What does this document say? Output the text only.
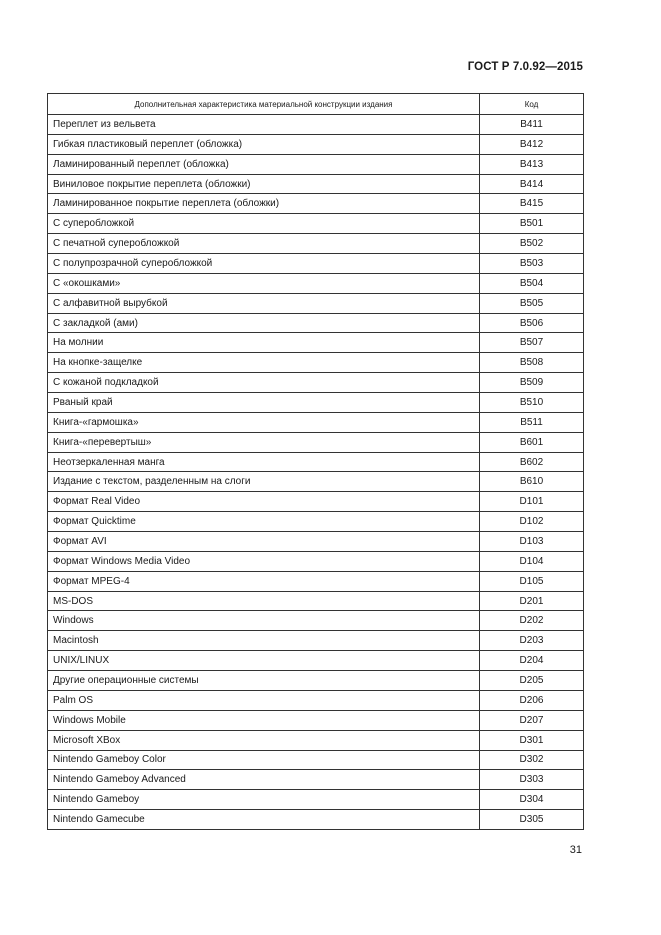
ГОСТ Р 7.0.92—2015
Дополнительная характеристика материальной конструкции издания	Код
Переплет из вельвета	B411
Гибкая пластиковый переплет (обложка)	B412
Ламинированный переплет (обложка)	B413
Виниловое покрытие переплета (обложки)	B414
Ламинированное покрытие переплета (обложки)	B415
С суперобложкой	B501
С печатной суперобложкой	B502
С полупрозрачной суперобложкой	B503
С «окошками»	B504
С алфавитной вырубкой	B505
С закладкой (ами)	B506
На молнии	B507
На кнопке-защелке	B508
С кожаной подкладкой	B509
Рваный край	B510
Книга-«гармошка»	B511
Книга-«перевертыш»	B601
Неотзеркаленная манга	B602
Издание с текстом, разделенным на слоги	B610
Формат Real Video	D101
Формат Quicktime	D102
Формат AVI	D103
Формат Windows Media Video	D104
Формат MPEG-4	D105
MS-DOS	D201
Windows	D202
Macintosh	D203
UNIX/LINUX	D204
Другие операционные системы	D205
Palm OS	D206
Windows Mobile	D207
Microsoft XBox	D301
Nintendo Gameboy Color	D302
Nintendo Gameboy Advanced	D303
Nintendo Gameboy	D304
Nintendo Gamecube	D305
31
